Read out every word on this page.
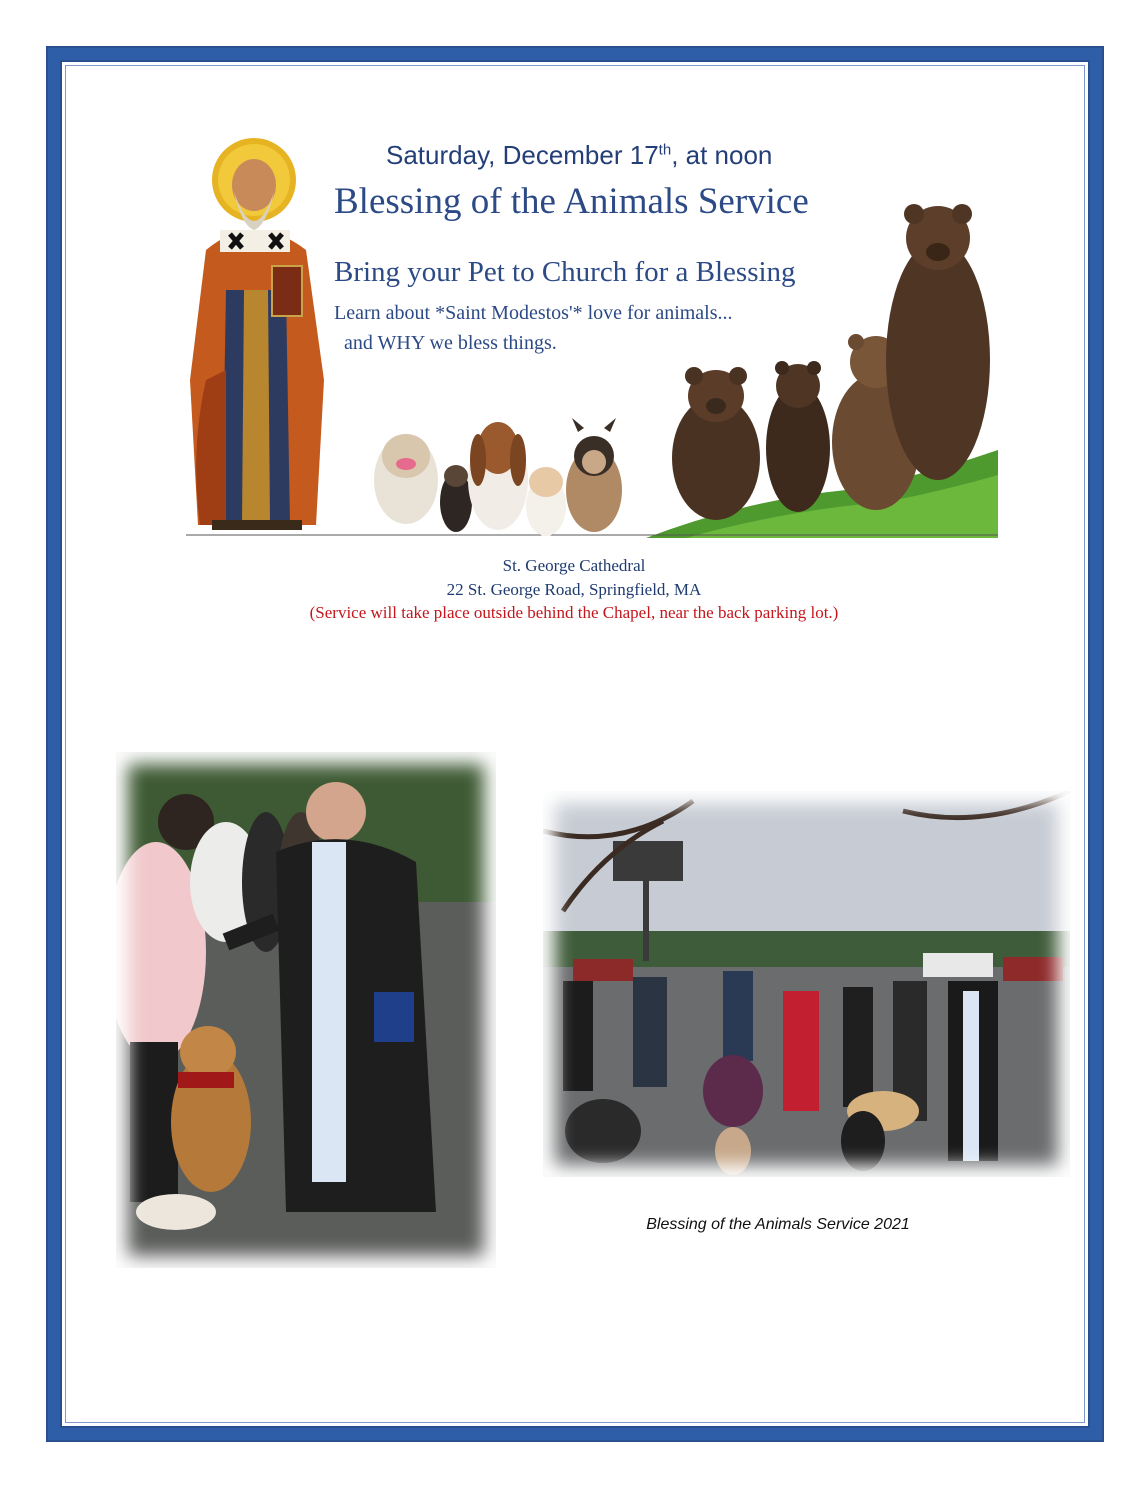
Saturday, December 17th, at noon
Blessing of the Animals Service

Bring your Pet to Church for a Blessing

Learn about *Saint Modestos'* love for animals...

and WHY we bless things.

St. George Cathedral

22 St. George Road, Springfield, MA

(Service will take place outside behind the Chapel, near the back parking lot.)

Blessing of the Animals Service 2021
